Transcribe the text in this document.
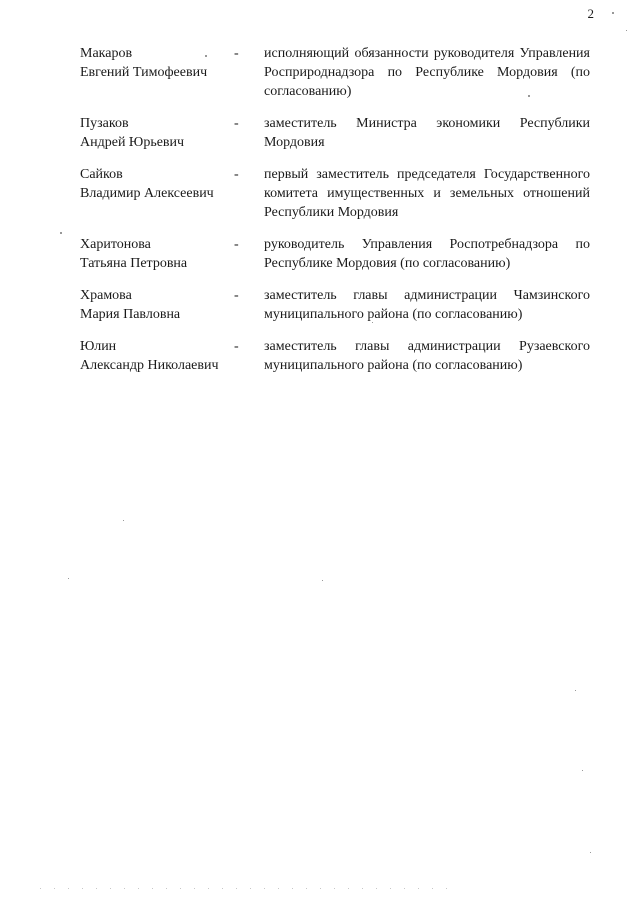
2
Макаров
Евгений Тимофеевич
-	исполняющий обязанности руководителя Управления Росприроднадзора по Республике Мордовия (по согласованию)
Пузаков
Андрей Юрьевич
-	заместитель Министра экономики Республики Мордовия
Сайков
Владимир Алексеевич
-	первый заместитель председателя Государственного комитета имущественных и земельных отношений Республики Мордовия
Харитонова
Татьяна Петровна
-	руководитель Управления Роспотребнадзора по Республике Мордовия (по согласованию)
Храмова
Мария Павловна
-	заместитель главы администрации Чамзинского муниципального района (по согласованию)
Юлин
Александр Николаевич
-	заместитель главы администрации Рузаевского муниципального района (по согласованию)
